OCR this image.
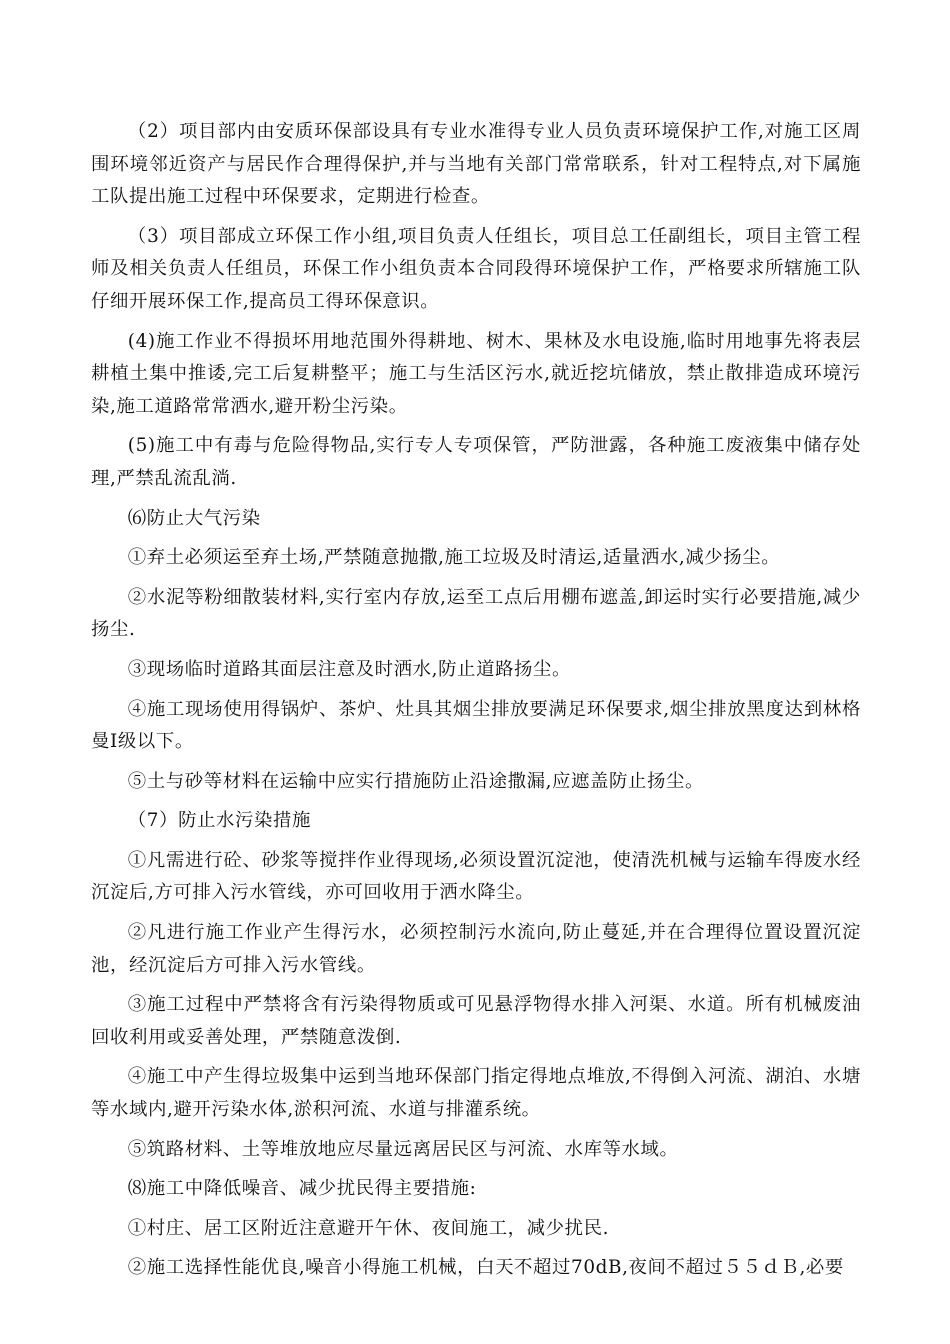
（2）项目部内由安质环保部设具有专业水准得专业人员负责环境保护工作,对施工区周围环境邻近资产与居民作合理得保护,并与当地有关部门常常联系，针对工程特点,对下属施工队提出施工过程中环保要求，定期进行检查。

（3）项目部成立环保工作小组,项目负责人任组长，项目总工任副组长，项目主管工程师及相关负责人任组员，环保工作小组负责本合同段得环境保护工作，严格要求所辖施工队仔细开展环保工作,提高员工得环保意识。

(4)施工作业不得损坏用地范围外得耕地、树木、果林及水电设施,临时用地事先将表层耕植土集中推诿,完工后复耕整平；施工与生活区污水,就近挖坑储放，禁止散排造成环境污染,施工道路常常洒水,避开粉尘污染。

(5)施工中有毒与危险得物品,实行专人专项保管，严防泄露，各种施工废液集中储存处理,严禁乱流乱淌.

⑹防止大气污染

①弃土必须运至弃土场,严禁随意抛撒,施工垃圾及时清运,适量洒水,减少扬尘。

②水泥等粉细散装材料,实行室内存放,运至工点后用棚布遮盖,卸运时实行必要措施,减少扬尘.

③现场临时道路其面层注意及时洒水,防止道路扬尘。

④施工现场使用得锅炉、茶炉、灶具其烟尘排放要满足环保要求,烟尘排放黑度达到林格曼Ⅰ级以下。

⑤土与砂等材料在运输中应实行措施防止沿途撒漏,应遮盖防止扬尘。

（7）防止水污染措施

①凡需进行砼、砂浆等搅拌作业得现场,必须设置沉淀池，使清洗机械与运输车得废水经沉淀后,方可排入污水管线，亦可回收用于洒水降尘。

②凡进行施工作业产生得污水，必须控制污水流向,防止蔓延,并在合理得位置设置沉淀池，经沉淀后方可排入污水管线。

③施工过程中严禁将含有污染得物质或可见悬浮物得水排入河渠、水道。所有机械废油回收利用或妥善处理，严禁随意泼倒.

④施工中产生得垃圾集中运到当地环保部门指定得地点堆放,不得倒入河流、湖泊、水塘等水域内,避开污染水体,淤积河流、水道与排灌系统。

⑤筑路材料、土等堆放地应尽量远离居民区与河流、水库等水域。

⑻施工中降低噪音、减少扰民得主要措施:

①村庄、居工区附近注意避开午休、夜间施工，减少扰民.

②施工选择性能优良,噪音小得施工机械，白天不超过70dB,夜间不超过５５ｄＢ,必要
